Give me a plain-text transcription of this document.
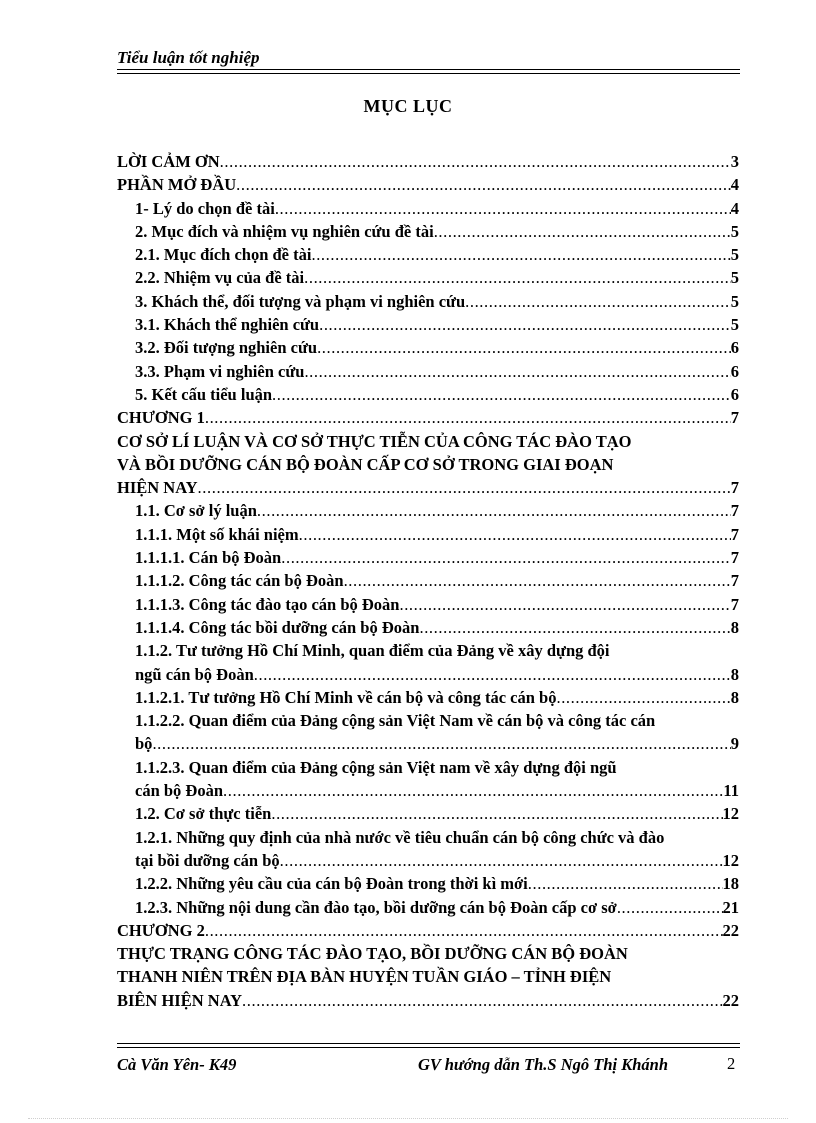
Tiểu luận tốt nghiệp
MỤC LỤC
LỜI CẢM ƠN .....	3
PHẦN MỞ ĐẦU .....	4
1- Lý do chọn đề tài .....	4
2. Mục đích và nhiệm vụ nghiên cứu đề tài .....	5
2.1. Mục đích chọn đề tài .....	5
2.2. Nhiệm vụ của đề tài .....	5
3. Khách thể, đối tượng và phạm vi nghiên cứu .....	5
3.1. Khách thể nghiên cứu .....	5
3.2. Đối tượng nghiên cứu .....	6
3.3. Phạm vi nghiên cứu .....	6
5. Kết cấu tiểu luận .....	6
CHƯƠNG 1 .....	7
CƠ SỞ LÍ LUẬN VÀ CƠ SỞ THỰC TIỄN CỦA CÔNG TÁC ĐÀO TẠO
VÀ BỒI DƯỠNG CÁN BỘ ĐOÀN CẤP CƠ SỞ TRONG GIAI ĐOẠN
HIỆN NAY .....	7
1.1. Cơ sở lý luận .....	7
1.1.1. Một số khái niệm .....	7
1.1.1.1. Cán bộ Đoàn .....	7
1.1.1.2. Công tác cán bộ Đoàn .....	7
1.1.1.3. Công tác đào tạo cán bộ Đoàn .....	7
1.1.1.4. Công tác bồi dưỡng cán bộ Đoàn .....	8
1.1.2. Tư tưởng Hồ Chí Minh, quan điểm của Đảng về xây dựng đội
ngũ cán bộ Đoàn .....	8
1.1.2.1. Tư tưởng Hồ Chí Minh về cán bộ và công tác cán bộ .....	8
1.1.2.2. Quan điểm của Đảng cộng sản Việt Nam về cán bộ và công tác cán
bộ .....	9
1.1.2.3. Quan điểm của Đảng cộng sản Việt nam về xây dựng đội ngũ
cán bộ Đoàn .....	11
1.2. Cơ sở thực tiễn .....	12
1.2.1. Những quy định của nhà nước về tiêu chuẩn cán bộ công chức và đào
tại bồi dưỡng cán bộ .....	12
1.2.2. Những yêu cầu của cán bộ Đoàn trong thời kì mới .....	18
1.2.3. Những nội dung cần đào tạo, bồi dưỡng cán bộ Đoàn cấp cơ sở .....	21
CHƯƠNG 2 .....	22
THỰC TRẠNG CÔNG TÁC ĐÀO TẠO, BỒI DƯỠNG CÁN BỘ ĐOÀN
THANH NIÊN TRÊN ĐỊA BÀN HUYỆN TUẦN GIÁO – TỈNH ĐIỆN
BIÊN HIỆN NAY .....	22
Cà Văn Yên- K49	GV hướng dẫn Th.S Ngô Thị Khánh	2
